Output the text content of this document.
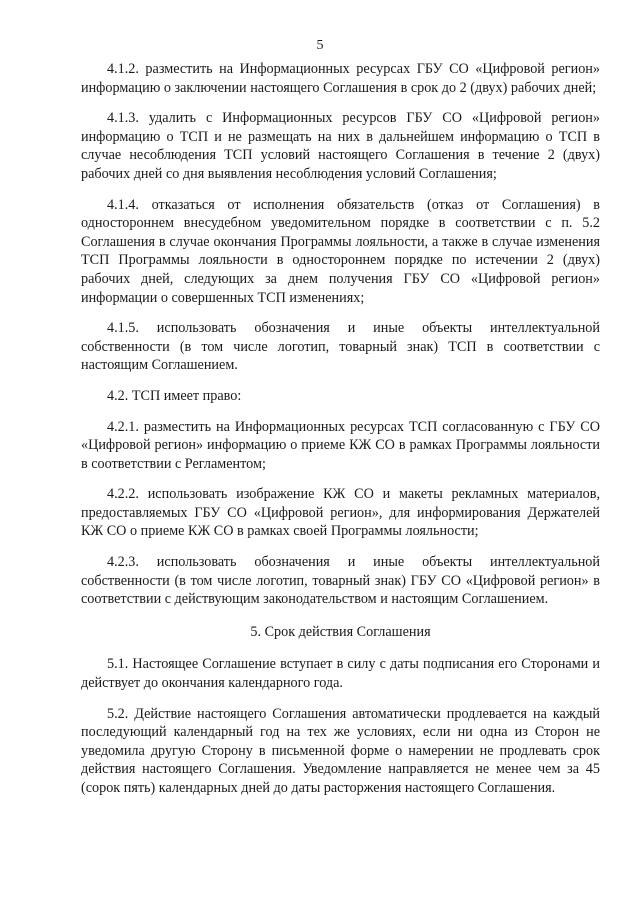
5

4.1.2. разместить на Информационных ресурсах ГБУ СО «Цифровой регион» информацию о заключении настоящего Соглашения в срок до 2 (двух) рабочих дней;

4.1.3. удалить с Информационных ресурсов ГБУ СО «Цифровой регион» информацию о ТСП и не размещать на них в дальнейшем информацию о ТСП в случае несоблюдения ТСП условий настоящего Соглашения в течение 2 (двух) рабочих дней со дня выявления несоблюдения условий Соглашения;

4.1.4. отказаться от исполнения обязательств (отказ от Соглашения) в одностороннем внесудебном уведомительном порядке в соответствии с п. 5.2 Соглашения в случае окончания Программы лояльности, а также в случае изменения ТСП Программы лояльности в одностороннем порядке по истечении 2 (двух) рабочих дней, следующих за днем получения ГБУ СО «Цифровой регион» информации о совершенных ТСП изменениях;

4.1.5. использовать обозначения и иные объекты интеллектуальной собственности (в том числе логотип, товарный знак) ТСП в соответствии с настоящим Соглашением.

4.2. ТСП имеет право:

4.2.1. разместить на Информационных ресурсах ТСП согласованную с ГБУ СО «Цифровой регион» информацию о приеме КЖ СО в рамках Программы лояльности в соответствии с Регламентом;

4.2.2. использовать изображение КЖ СО и макеты рекламных материалов, предоставляемых ГБУ СО «Цифровой регион», для информирования Держателей КЖ СО о приеме КЖ СО в рамках своей Программы лояльности;

4.2.3. использовать обозначения и иные объекты интеллектуальной собственности (в том числе логотип, товарный знак) ГБУ СО «Цифровой регион» в соответствии с действующим законодательством и настоящим Соглашением.

5. Срок действия Соглашения

5.1. Настоящее Соглашение вступает в силу с даты подписания его Сторонами и действует до окончания календарного года.

5.2. Действие настоящего Соглашения автоматически продлевается на каждый последующий календарный год на тех же условиях, если ни одна из Сторон не уведомила другую Сторону в письменной форме о намерении не продлевать срок действия настоящего Соглашения. Уведомление направляется не менее чем за 45 (сорок пять) календарных дней до даты расторжения настоящего Соглашения.
